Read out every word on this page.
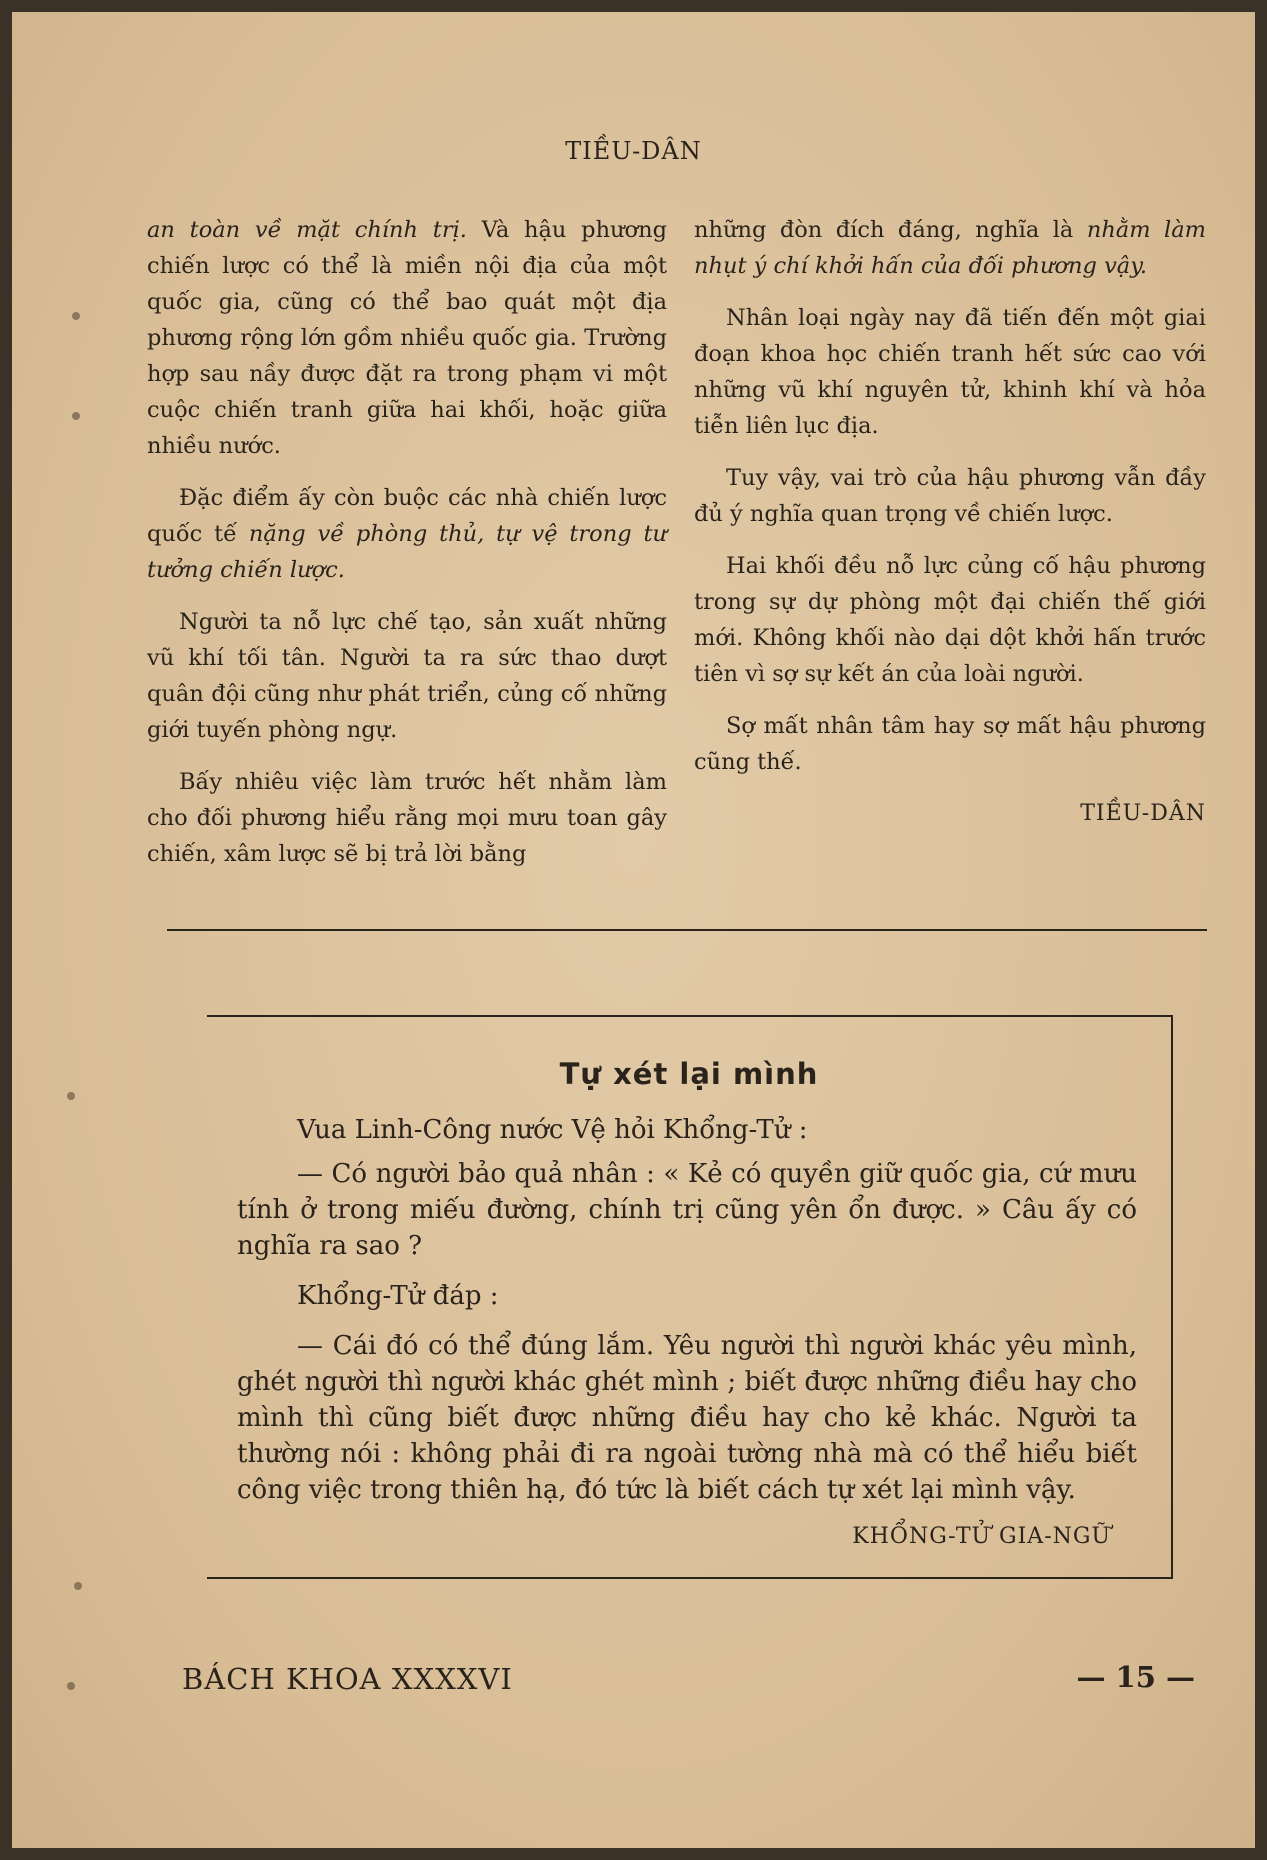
TIỀU-DÂN

an toàn về mặt chính trị. Và hậu phương chiến lược có thể là miền nội địa của một quốc gia, cũng có thể bao quát một địa phương rộng lớn gồm nhiều quốc gia. Trường hợp sau nầy được đặt ra trong phạm vi một cuộc chiến tranh giữa hai khối, hoặc giữa nhiều nước.

Đặc điểm ấy còn buộc các nhà chiến lược quốc tế nặng về phòng thủ, tự vệ trong tư tưởng chiến lược.

Người ta nỗ lực chế tạo, sản xuất những vũ khí tối tân. Người ta ra sức thao dượt quân đội cũng như phát triển, củng cố những giới tuyến phòng ngự.

Bấy nhiêu việc làm trước hết nhằm làm cho đối phương hiểu rằng mọi mưu toan gây chiến, xâm lược sẽ bị trả lời bằng

những đòn đích đáng, nghĩa là nhằm làm nhụt ý chí khởi hấn của đối phương vậy.

Nhân loại ngày nay đã tiến đến một giai đoạn khoa học chiến tranh hết sức cao với những vũ khí nguyên tử, khinh khí và hỏa tiễn liên lục địa.

Tuy vậy, vai trò của hậu phương vẫn đầy đủ ý nghĩa quan trọng về chiến lược.

Hai khối đều nỗ lực củng cố hậu phương trong sự dự phòng một đại chiến thế giới mới. Không khối nào dại dột khởi hấn trước tiên vì sợ sự kết án của loài người.

Sợ mất nhân tâm hay sợ mất hậu phương cũng thế.

TIỀU-DÂN
Tự xét lại mình

Vua Linh-Công nước Vệ hỏi Khổng-Tử :

— Có người bảo quả nhân : « Kẻ có quyền giữ quốc gia, cứ mưu tính ở trong miếu đường, chính trị cũng yên ổn được. » Câu ấy có nghĩa ra sao ?

Khổng-Tử đáp :

— Cái đó có thể đúng lắm. Yêu người thì người khác yêu mình, ghét người thì người khác ghét mình ; biết được những điều hay cho mình thì cũng biết được những điều hay cho kẻ khác. Người ta thường nói : không phải đi ra ngoài tường nhà mà có thể hiểu biết công việc trong thiên hạ, đó tức là biết cách tự xét lại mình vậy.

KHỔNG-TỬ GIA-NGỮ
BÁCH KHOA XXXXVI	— 15 —
